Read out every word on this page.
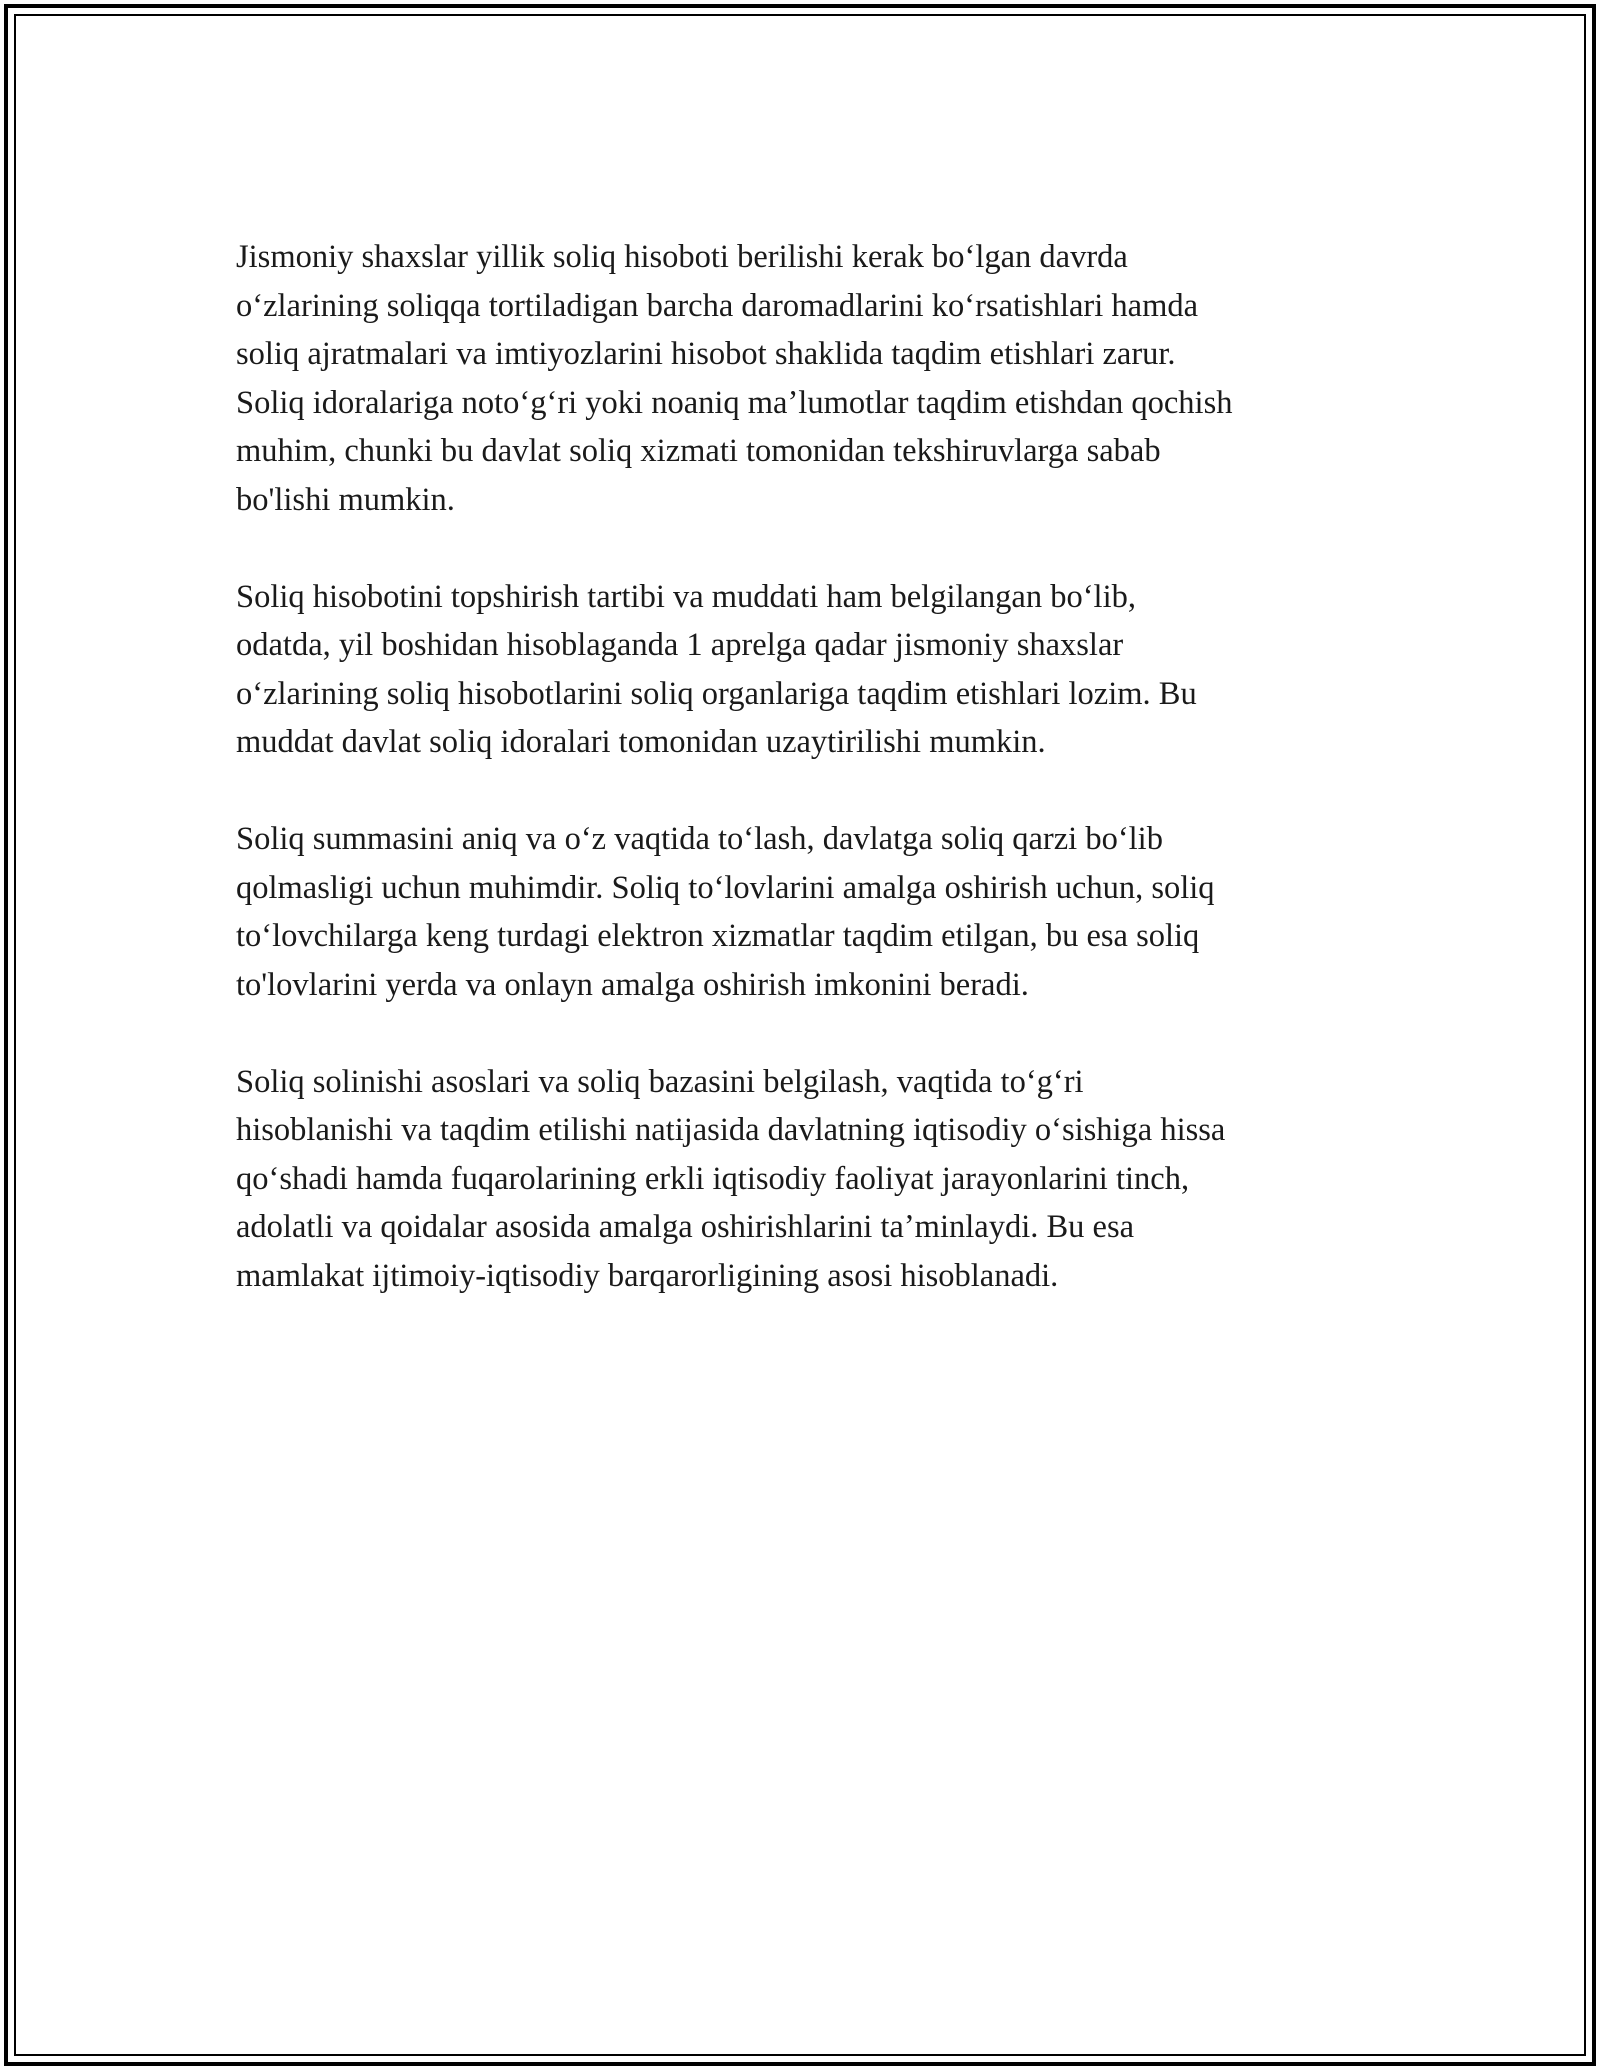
Jismoniy shaxslar yillik soliq hisoboti berilishi kerak boʻlgan davrda
oʻzlarining soliqqa tortiladigan barcha daromadlarini koʻrsatishlari hamda
soliq ajratmalari va imtiyozlarini hisobot shaklida taqdim etishlari zarur.
Soliq idoralariga notoʻgʻri yoki noaniq maʼlumotlar taqdim etishdan qochish
muhim, chunki bu davlat soliq xizmati tomonidan tekshiruvlarga sabab
bo'lishi mumkin.

Soliq hisobotini topshirish tartibi va muddati ham belgilangan boʻlib,
odatda, yil boshidan hisoblaganda 1 aprelga qadar jismoniy shaxslar
oʻzlarining soliq hisobotlarini soliq organlariga taqdim etishlari lozim. Bu
muddat davlat soliq idoralari tomonidan uzaytirilishi mumkin.

Soliq summasini aniq va oʻz vaqtida toʻlash, davlatga soliq qarzi boʻlib
qolmasligi uchun muhimdir. Soliq toʻlovlarini amalga oshirish uchun, soliq
toʻlovchilarga keng turdagi elektron xizmatlar taqdim etilgan, bu esa soliq
to'lovlarini yerda va onlayn amalga oshirish imkonini beradi.

Soliq solinishi asoslari va soliq bazasini belgilash, vaqtida toʻgʻri
hisoblanishi va taqdim etilishi natijasida davlatning iqtisodiy oʻsishiga hissa
qoʻshadi hamda fuqarolarining erkli iqtisodiy faoliyat jarayonlarini tinch,
adolatli va qoidalar asosida amalga oshirishlarini taʼminlaydi. Bu esa
mamlakat ijtimoiy-iqtisodiy barqarorligining asosi hisoblanadi.
